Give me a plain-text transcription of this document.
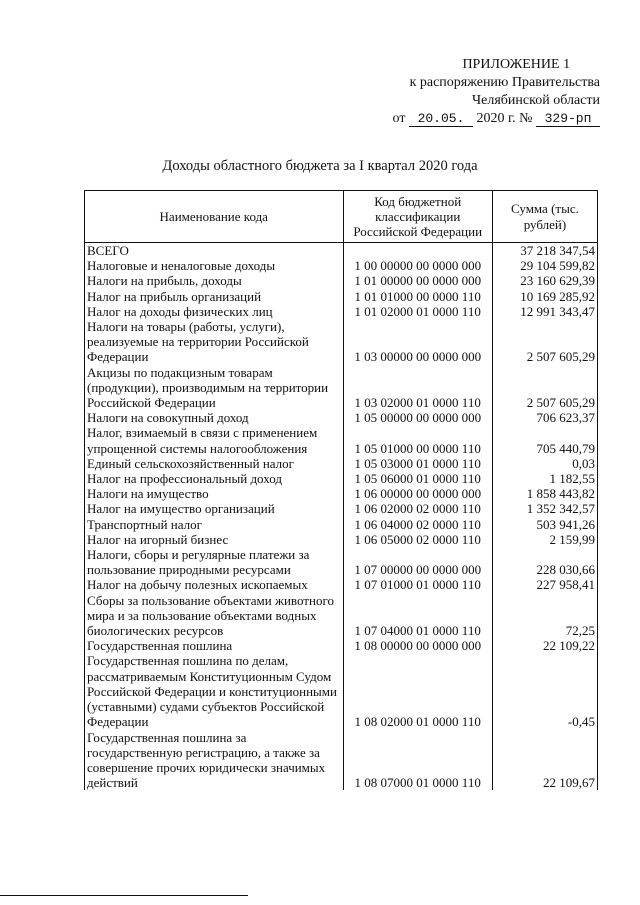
ПРИЛОЖЕНИЕ 1
к распоряжению Правительства
Челябинской области
от 20.05. 2020 г. № 329-рп
Доходы областного бюджета за I квартал 2020 года
Наименование кода	Код бюджетной классификации Российской Федерации	Сумма (тыс. рублей)
ВСЕГО		37 218 347,54
Налоговые и неналоговые доходы	1 00 00000 00 0000 000	29 104 599,82
Налоги на прибыль, доходы	1 01 00000 00 0000 000	23 160 629,39
Налог на прибыль организаций	1 01 01000 00 0000 110	10 169 285,92
Налог на доходы физических лиц	1 01 02000 01 0000 110	12 991 343,47
Налоги на товары (работы, услуги), реализуемые на территории Российской Федерации	1 03 00000 00 0000 000	2 507 605,29
Акцизы по подакцизным товарам (продукции), производимым на территории Российской Федерации	1 03 02000 01 0000 110	2 507 605,29
Налоги на совокупный доход	1 05 00000 00 0000 000	706 623,37
Налог, взимаемый в связи с применением упрощенной системы налогообложения	1 05 01000 00 0000 110	705 440,79
Единый сельскохозяйственный налог	1 05 03000 01 0000 110	0,03
Налог на профессиональный доход	1 05 06000 01 0000 110	1 182,55
Налоги на имущество	1 06 00000 00 0000 000	1 858 443,82
Налог на имущество организаций	1 06 02000 02 0000 110	1 352 342,57
Транспортный налог	1 06 04000 02 0000 110	503 941,26
Налог на игорный бизнес	1 06 05000 02 0000 110	2 159,99
Налоги, сборы и регулярные платежи за пользование природными ресурсами	1 07 00000 00 0000 000	228 030,66
Налог на добычу полезных ископаемых	1 07 01000 01 0000 110	227 958,41
Сборы за пользование объектами животного мира и за пользование объектами водных биологических ресурсов	1 07 04000 01 0000 110	72,25
Государственная пошлина	1 08 00000 00 0000 000	22 109,22
Государственная пошлина по делам, рассматриваемым Конституционным Судом Российской Федерации и конституционными (уставными) судами субъектов Российской Федерации	1 08 02000 01 0000 110	-0,45
Государственная пошлина за государственную регистрацию, а также за совершение прочих юридически значимых действий	1 08 07000 01 0000 110	22 109,67
